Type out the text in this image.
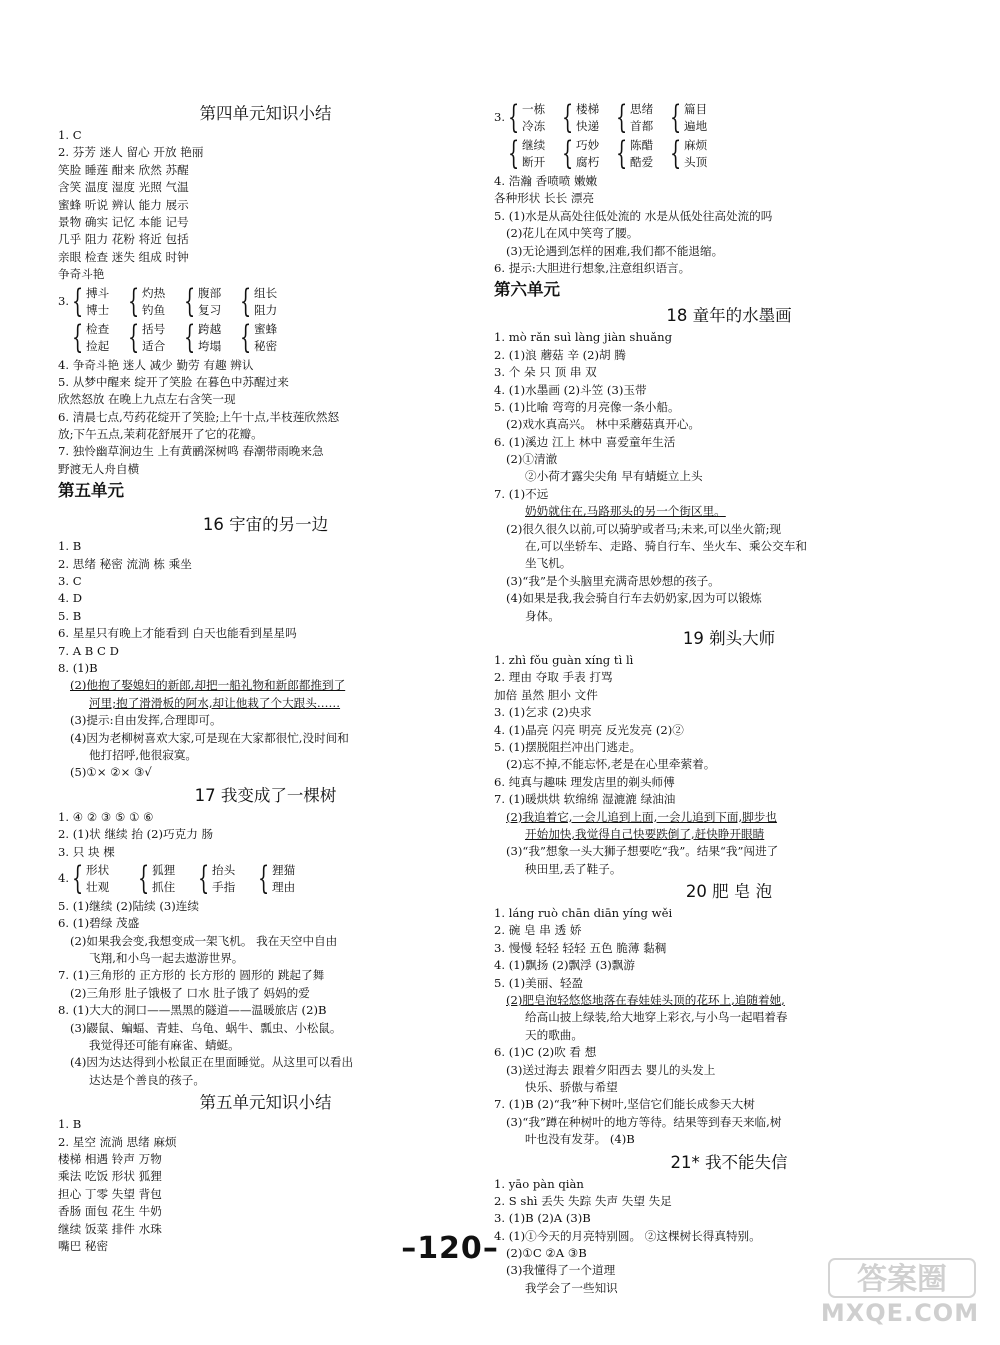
第四单元知识小结
1. C
2. 芬芳 迷人 留心 开放 艳丽
笑脸 睡莲 酣来 欣然 苏醒
含笑 温度 湿度 光照 气温
蜜蜂 听说 辨认 能力 展示
景物 确实 记忆 本能 记号
几乎 阻力 花粉 将近 包括
亲眼 检查 迷失 组成 时钟
争奇斗艳
3. { 搏斗
博士 { 灼热
钓鱼 { 腹部
复习 { 组长
阻力
{ 检查
捡起 { 括号
适合 { 跨越
垮塌 { 蜜蜂
秘密
4. 争奇斗艳 迷人 减少 勤劳 有趣 辨认
5. 从梦中醒来 绽开了笑脸 在暮色中苏醒过来
欣然怒放 在晚上九点左右含笑一现
6. 清晨七点,芍药花绽开了笑脸;上午十点,半枝莲欣然怒
放;下午五点,茉莉花舒展开了它的花瓣。
7. 独怜幽草涧边生 上有黄鹂深树鸣 春潮带雨晚来急
野渡无人舟自横
第五单元
16 宇宙的另一边
1. B
2. 思绪 秘密 流淌 栋 乘坐
3. C
4. D
5. B
6. 星星只有晚上才能看到 白天也能看到星星吗
7. A B C D
8. (1)B
(2)他抱了娶媳妇的新郎,却把一船礼物和新郎都推到了
河里;抱了滑滑板的阿水,却让他栽了个大跟头……
(3)提示:自由发挥,合理即可。
(4)因为老柳树喜欢大家,可是现在大家都很忙,没时间和
他打招呼,他很寂寞。
(5)①× ②× ③√
17 我变成了一棵树
1. ④ ② ③ ⑤ ① ⑥
2. (1)状 继续 抬 (2)巧克力 肠
3. 只 块 棵
4. { 形状
壮观 { 狐狸
抓住 { 抬头
手指 { 狸猫
理由
5. (1)继续 (2)陆续 (3)连续
6. (1)碧绿 茂盛
(2)如果我会变,我想变成一架飞机。 我在天空中自由
飞翔,和小鸟一起去遨游世界。
7. (1)三角形的 正方形的 长方形的 圆形的 跳起了舞
(2)三角形 肚子饿极了 口水 肚子饿了 妈妈的爱
8. (1)大大的洞口——黑黑的隧道——温暖旅店 (2)B
(3)鼹鼠、蝙蝠、青蛙、乌龟、蜗牛、瓢虫、小松鼠。
我觉得还可能有麻雀、蜻蜓。
(4)因为达达得到小松鼠正在里面睡觉。从这里可以看出
达达是个善良的孩子。
第五单元知识小结
1. B
2. 星空 流淌 思绪 麻烦
楼梯 相遇 铃声 万物
乘法 吃饭 形状 狐狸
担心 丁零 失望 背包
香肠 面包 花生 牛奶
继续 饭菜 排件 水珠
嘴巴 秘密
3. { 一栋
冷冻 { 楼梯
快递 { 思绪
首都 { 篇目
遍地
{ 继续
断开 { 巧妙
腐朽 { 陈醋
酷爱 { 麻烦
头顶
4. 浩瀚 香喷喷 嫩嫩
各种形状 长长 漂亮
5. (1)水是从高处往低处流的 水是从低处往高处流的吗
(2)花儿在风中笑弯了腰。
(3)无论遇到怎样的困难,我们都不能退缩。
6. 提示:大胆进行想象,注意组织语言。
第六单元
18 童年的水墨画
1. mò rǎn suì làng jiàn shuǎng
2. (1)浪 蘑菇 辛 (2)胡 腾
3. 个 朵 只 顶 串 双
4. (1)水墨画 (2)斗笠 (3)玉带
5. (1)比喻 弯弯的月亮像一条小船。
(2)戏水真高兴。 林中采蘑菇真开心。
6. (1)溪边 江上 林中 喜爱童年生活
(2)①清澈
②小荷才露尖尖角 早有蜻蜓立上头
7. (1)不远
奶奶就住在,马路那头的另一个街区里。
(2)很久很久以前,可以骑驴或者马;未来,可以坐火箭;现
在,可以坐轿车、走路、骑自行车、坐火车、乘公交车和
坐飞机。
(3)“我”是个头脑里充满奇思妙想的孩子。
(4)如果是我,我会骑自行车去奶奶家,因为可以锻炼
身体。
19 剃头大师
1. zhì fǒu guàn xíng tì lì
2. 理由 夺取 手表 打骂
加倍 虽然 胆小 文件
3. (1)乞求 (2)央求
4. (1)晶亮 闪亮 明亮 反光发亮 (2)②
5. (1)摆脱阻拦冲出门逃走。
(2)忘不掉,不能忘怀,老是在心里牵萦着。
6. 纯真与趣味 理发店里的剃头师傅
7. (1)暖烘烘 软绵绵 湿漉漉 绿油油
(2)我追着它,一会儿追到上面,一会儿追到下面,脚步也
开始加快,我觉得自己快要跌倒了,赶快睁开眼睛
(3)“我”想象一头大狮子想要吃“我”。结果“我”闯进了
秧田里,丢了鞋子。
20 肥 皂 泡
1. láng ruò chān diān yíng wěi
2. 碗 皂 串 透 娇
3. 慢慢 轻轻 轻轻 五色 脆薄 黏稠
4. (1)飘扬 (2)飘浮 (3)飘游
5. (1)美丽、轻盈
(2)肥皂泡轻悠悠地落在春娃娃头顶的花环上,追随着她,
给高山披上绿装,给大地穿上彩衣,与小鸟一起唱着春
天的歌曲。
6. (1)C (2)吹 看 想
(3)送过海去 跟着夕阳西去 婴儿的头发上
快乐、骄傲与希望
7. (1)B (2)“我”种下树叶,坚信它们能长成参天大树
(3)“我”蹲在种树叶的地方等待。结果等到春天来临,树
叶也没有发芽。 (4)B
21* 我不能失信
1. yāo pàn qiàn
2. S shì 丢失 失踪 失声 失望 失足
3. (1)B (2)A (3)B
4. (1)①今天的月亮特别圆。 ②这棵树长得真特别。
(2)①C ②A ③B
(3)我懂得了一个道理
我学会了一些知识
–120–
答案圈
MXQE.COM
